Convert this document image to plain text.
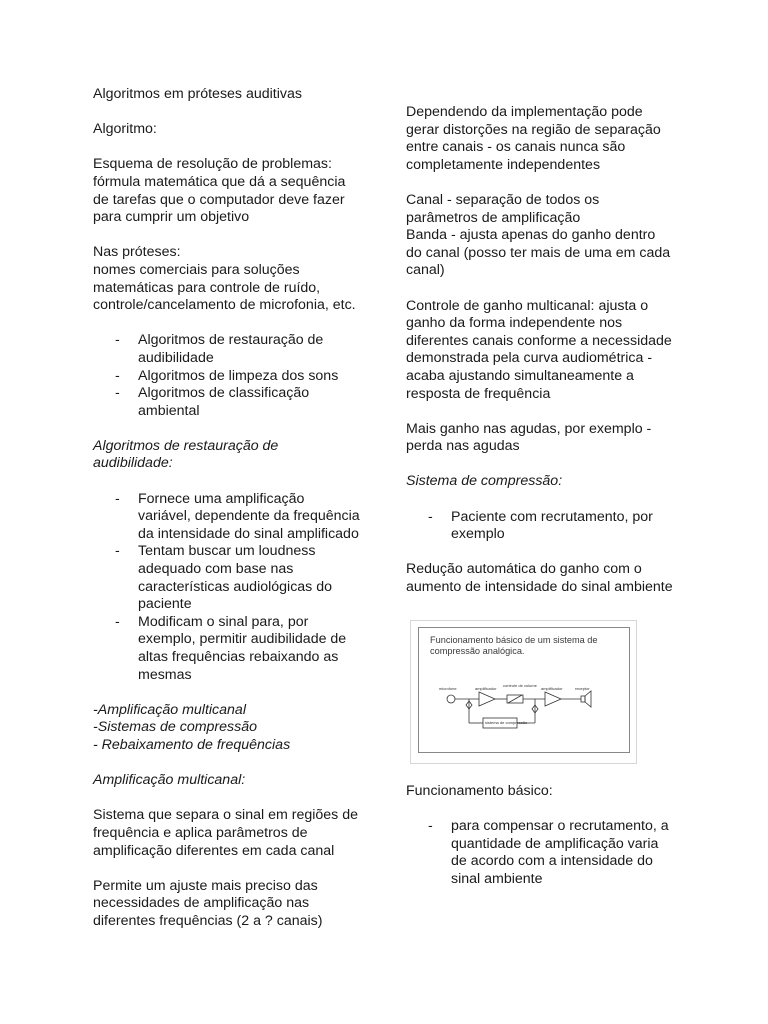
Algoritmos em próteses auditivas

Algoritmo:

Esquema de resolução de problemas:
fórmula matemática que dá a sequência
de tarefas que o computador deve fazer
para cumprir um objetivo

Nas próteses:
nomes comerciais para soluções
matemáticas para controle de ruído,
controle/cancelamento de microfonia, etc.

- Algoritmos de restauração de
audibilidade
- Algoritmos de limpeza dos sons
- Algoritmos de classificação
ambiental

Algoritmos de restauração de
audibilidade:

- Fornece uma amplificação
variável, dependente da frequência
da intensidade do sinal amplificado
- Tentam buscar um loudness
adequado com base nas
características audiológicas do
paciente
- Modificam o sinal para, por
exemplo, permitir audibilidade de
altas frequências rebaixando as
mesmas

-Amplificação multicanal
-Sistemas de compressão
- Rebaixamento de frequências

Amplificação multicanal:

Sistema que separa o sinal em regiões de
frequência e aplica parâmetros de
amplificação diferentes em cada canal

Permite um ajuste mais preciso das
necessidades de amplificação nas
diferentes frequências (2 a ? canais)

Dependendo da implementação pode
gerar distorções na região de separação
entre canais - os canais nunca são
completamente independentes

Canal - separação de todos os
parâmetros de amplificação
Banda - ajusta apenas do ganho dentro
do canal (posso ter mais de uma em cada
canal)

Controle de ganho multicanal: ajusta o
ganho da forma independente nos
diferentes canais conforme a necessidade
demonstrada pela curva audiométrica -
acaba ajustando simultaneamente a
resposta de frequência

Mais ganho nas agudas, por exemplo -
perda nas agudas

Sistema de compressão:

- Paciente com recrutamento, por
exemplo

Redução automática do ganho com o
aumento de intensidade do sinal ambiente

Funcionamento básico de um sistema de
compressão analógica.
microfone	amplificador
controle de volume
amplificador	receptor
sistema de compressão

Funcionamento básico:

- para compensar o recrutamento, a
quantidade de amplificação varia
de acordo com a intensidade do
sinal ambiente
